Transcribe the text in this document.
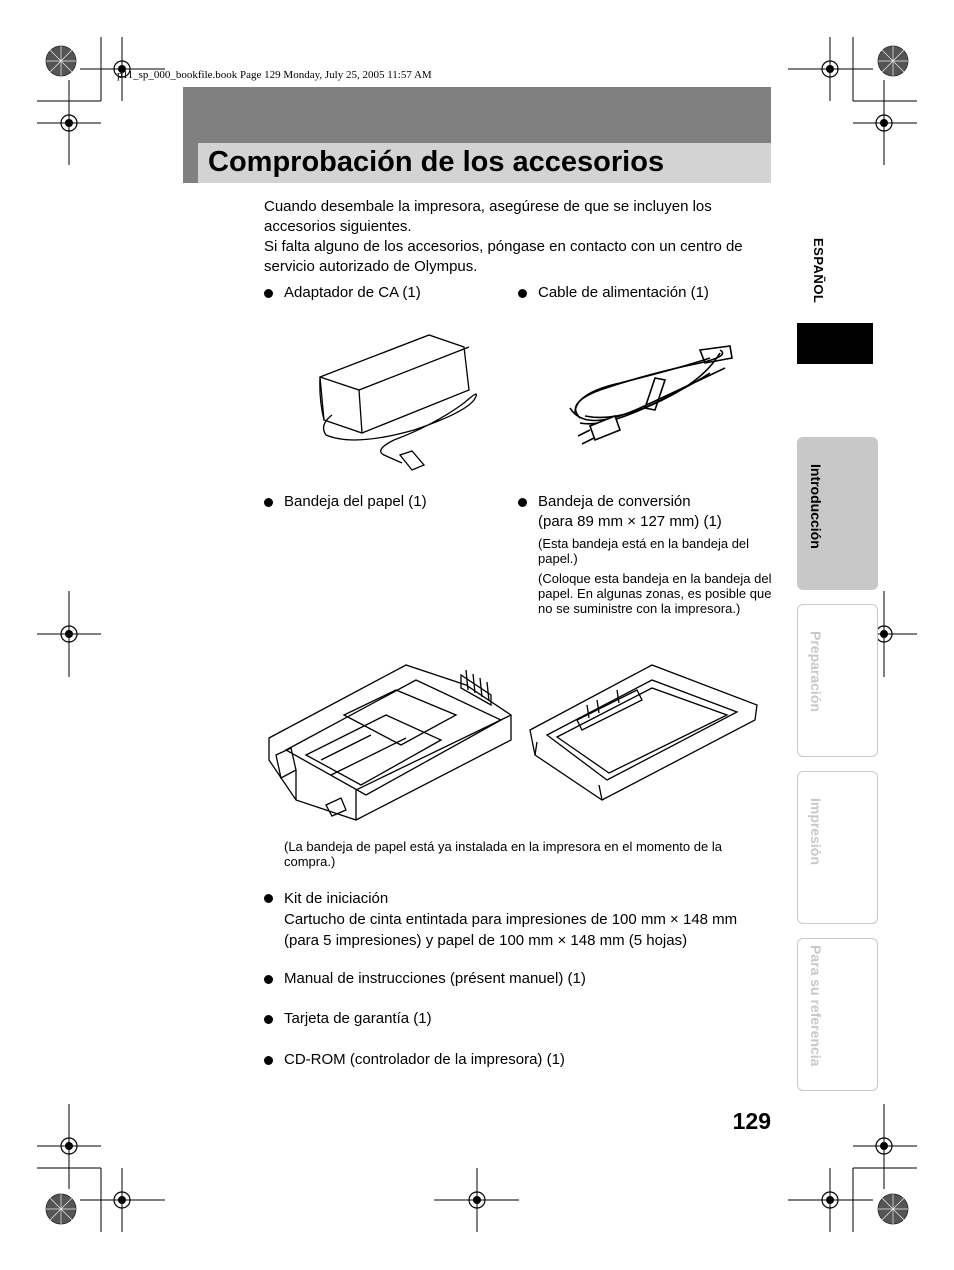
p11_sp_000_bookfile.book Page 129 Monday, July 25, 2005 11:57 AM
Comprobación de los accesorios

Cuando desembale la impresora, asegúrese de que se incluyen los accesorios siguientes.

Si falta alguno de los accesorios, póngase en contacto con un centro de servicio autorizado de Olympus.

Adaptador de CA (1)	Cable de alimentación (1)
Bandeja del papel (1)	Bandeja de conversión
(para 89 mm × 127 mm) (1)
(Esta bandeja está en la bandeja del papel.)
(Coloque esta bandeja en la bandeja del papel. En algunas zonas, es posible que no se suministre con la impresora.)
(La bandeja de papel está ya instalada en la impresora en el momento de la compra.)
Kit de iniciación
Cartucho de cinta entintada para impresiones de 100 mm × 148 mm (para 5 impresiones) y papel de 100 mm × 148 mm (5 hojas)
Manual de instrucciones (présent manuel) (1)
Tarjeta de garantía (1)
CD-ROM (controlador de la impresora) (1)
ESPAÑOL
Introducción
Preparación
Impresión
Para su referencia
129
